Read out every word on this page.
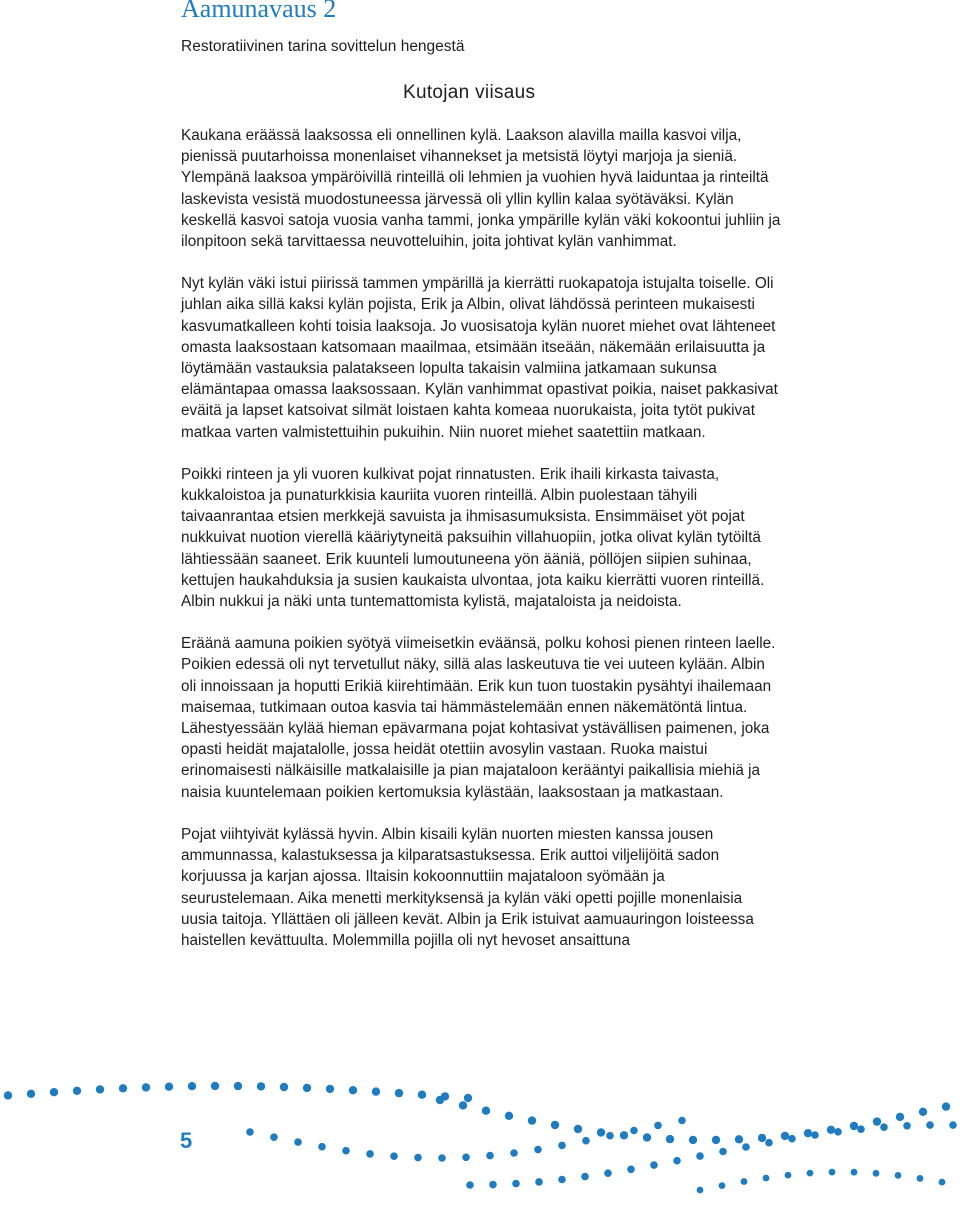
Aamunavaus 2

Restoratiivinen tarina sovittelun hengestä

Kutojan viisaus

Kaukana eräässä laaksossa eli onnellinen kylä. Laakson alavilla mailla kasvoi vilja, pienissä puutarhoissa monenlaiset vihannekset ja metsistä löytyi marjoja ja sieniä. Ylempänä laaksoa ympäröivillä rinteillä oli lehmien ja vuohien hyvä laiduntaa ja rinteiltä laskevista vesistä muodostuneessa järvessä oli yllin kyllin kalaa syötäväksi. Kylän keskellä kasvoi satoja vuosia vanha tammi, jonka ympärille kylän väki kokoontui juhliin ja ilonpitoon sekä tarvittaessa neuvotteluihin, joita johtivat kylän vanhimmat.

Nyt kylän väki istui piirissä tammen ympärillä ja kierrätti ruokapatoja istujalta toiselle. Oli juhlan aika sillä kaksi kylän pojista, Erik ja Albin, olivat lähdössä perinteen mukaisesti kasvumatkalleen kohti toisia laaksoja. Jo vuosisatoja kylän nuoret miehet ovat lähteneet omasta laaksostaan katsomaan maailmaa, etsimään itseään, näkemään erilaisuutta ja löytämään vastauksia palatakseen lopulta takaisin valmiina jatkamaan sukunsa elämäntapaa omassa laaksossaan. Kylän vanhimmat opastivat poikia, naiset pakkasivat eväitä ja lapset katsoivat silmät loistaen kahta komeaa nuorukaista, joita tytöt pukivat matkaa varten valmistettuihin pukuihin. Niin nuoret miehet saatettiin matkaan.

Poikki rinteen ja yli vuoren kulkivat pojat rinnatusten. Erik ihaili kirkasta taivasta, kukkaloistoa ja punaturkkisia kauriita vuoren rinteillä. Albin puolestaan tähyili taivaanrantaa etsien merkkejä savuista ja ihmisasumuksista. Ensimmäiset yöt pojat nukkuivat nuotion vierellä kääriytyneitä paksuihin villahuopiin, jotka olivat kylän tytöiltä lähtiessään saaneet. Erik kuunteli lumoutuneena yön ääniä, pöllöjen siipien suhinaa, kettujen haukahduksia ja susien kaukaista ulvontaa, jota kaiku kierrätti vuoren rinteillä. Albin nukkui ja näki unta tuntemattomista kylistä, majataloista ja neidoista.

Eräänä aamuna poikien syötyä viimeisetkin eväänsä, polku kohosi pienen rinteen laelle. Poikien edessä oli nyt tervetullut näky, sillä alas laskeutuva tie vei uuteen kylään. Albin oli innoissaan ja hoputti Erikiä kiirehtimään. Erik kun tuon tuostakin pysähtyi ihailemaan maisemaa, tutkimaan outoa kasvia tai hämmästelemään ennen näkemätöntä lintua. Lähestyessään kylää hieman epävarmana pojat kohtasivat ystävällisen paimenen, joka opasti heidät majatalolle, jossa heidät otettiin avosylin vastaan. Ruoka maistui erinomaisesti nälkäisille matkalaisille ja pian majataloon kerääntyi paikallisia miehiä ja naisia kuuntelemaan poikien kertomuksia kylästään, laaksostaan ja matkastaan.

Pojat viihtyivät kylässä hyvin. Albin kisaili kylän nuorten miesten kanssa jousen ammunnassa, kalastuksessa ja kilparatsastuksessa. Erik auttoi viljelijöitä sadon korjuussa ja karjan ajossa. Iltaisin kokoonnuttiin majataloon syömään ja seurustelemaan. Aika menetti merkityksensä ja kylän väki opetti pojille monenlaisia uusia taitoja. Yllättäen oli jälleen kevät. Albin ja Erik istuivat aamuauringon loisteessa haistellen kevättuulta. Molemmilla pojilla oli nyt hevoset ansaittuna

5
